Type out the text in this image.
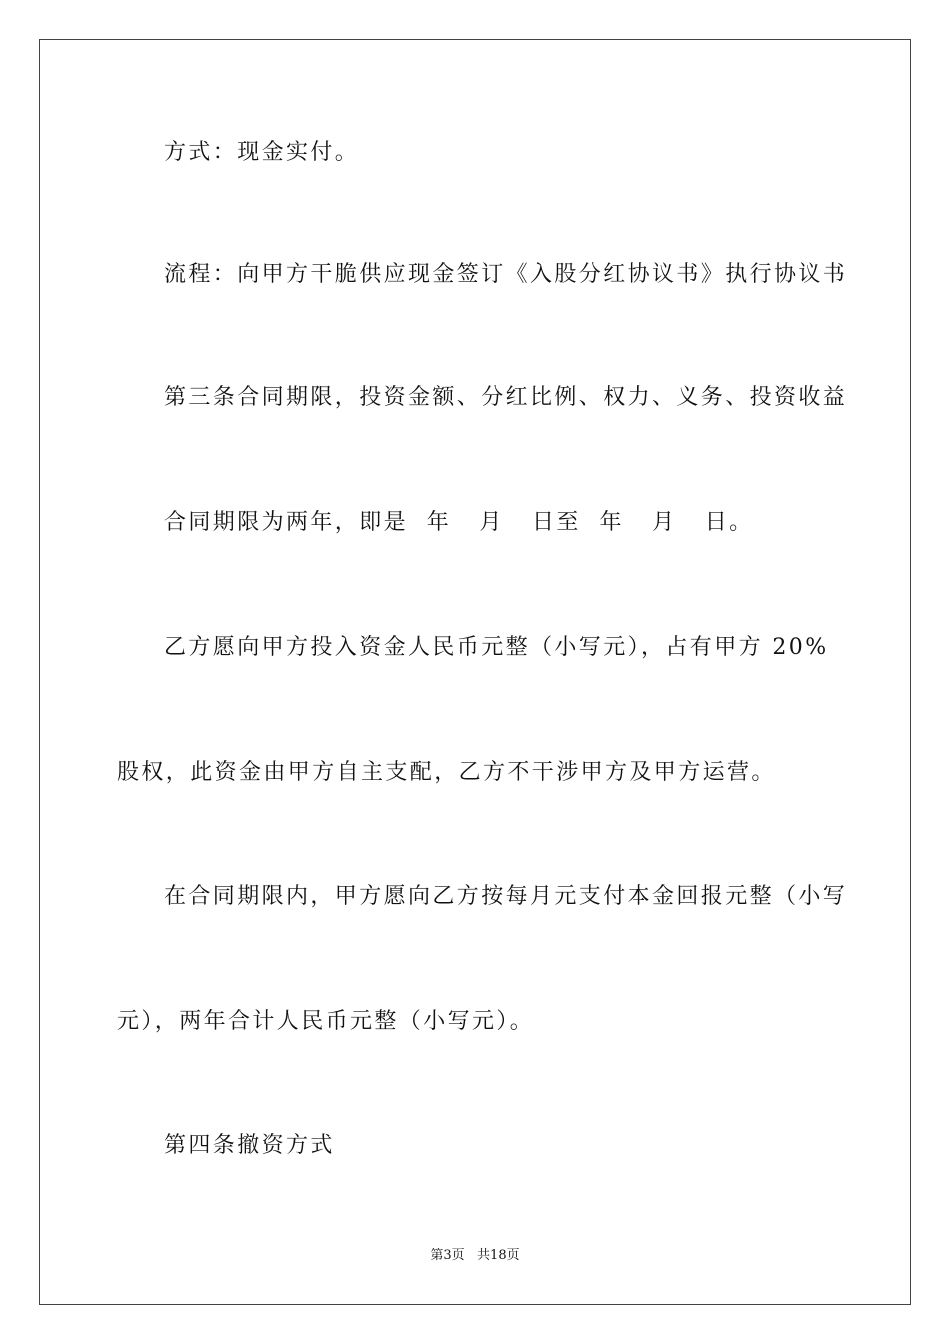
方式：现金实付。
流程：向甲方干脆供应现金签订《入股分红协议书》执行协议书
第三条合同期限，投资金额、分红比例、权力、义务、投资收益
合同期限为两年，即是  年   月   日至  年   月   日。
乙方愿向甲方投入资金人民币元整（小写元），占有甲方 20%
股权，此资金由甲方自主支配，乙方不干涉甲方及甲方运营。
在合同期限内，甲方愿向乙方按每月元支付本金回报元整（小写
元），两年合计人民币元整（小写元）。
第四条撤资方式
第3页   共18页
